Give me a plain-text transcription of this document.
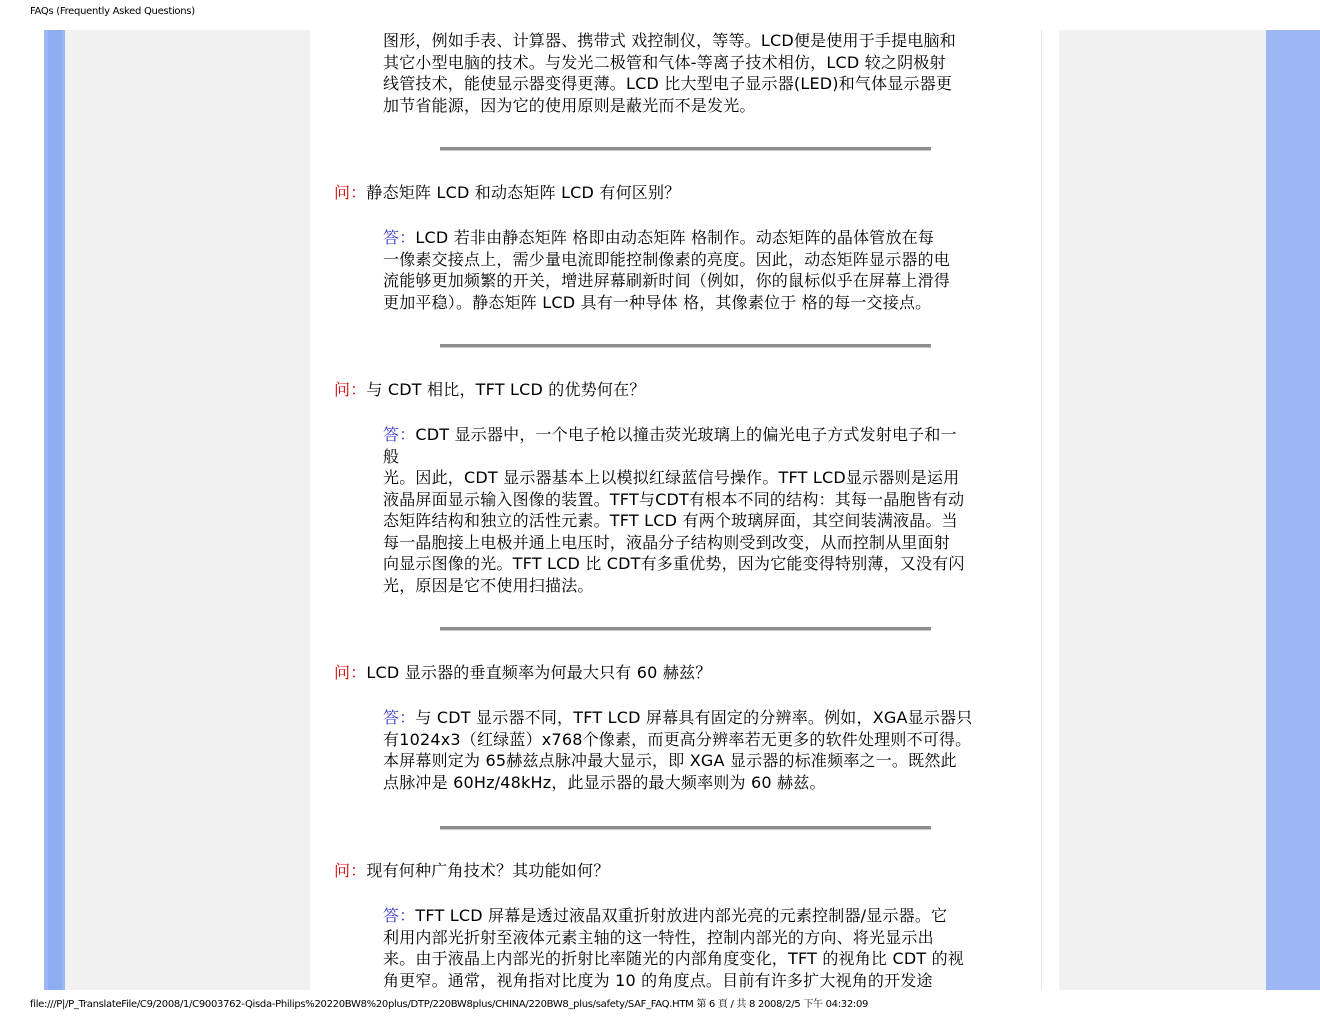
FAQs (Frequently Asked Questions)
图形，例如手表、计算器、携带式 戏控制仪，等等。LCD便是使用于手提电脑和
其它小型电脑的技术。与发光二极管和气体-等离子技术相仿，LCD 较之阴极射
线管技术，能使显示器变得更薄。LCD 比大型电子显示器(LED)和气体显示器更
加节省能源，因为它的使用原则是蔽光而不是发光。
问：静态矩阵 LCD 和动态矩阵 LCD 有何区别？
答：LCD 若非由静态矩阵 格即由动态矩阵 格制作。动态矩阵的晶体管放在每
一像素交接点上，需少量电流即能控制像素的亮度。因此，动态矩阵显示器的电
流能够更加频繁的开关，增进屏幕刷新时间（例如，你的鼠标似乎在屏幕上滑得
更加平稳）。静态矩阵 LCD 具有一种导体 格，其像素位于 格的每一交接点。
问：与 CDT 相比，TFT LCD 的优势何在？
答：CDT 显示器中，一个电子枪以撞击荧光玻璃上的偏光电子方式发射电子和一
般
光。因此，CDT 显示器基本上以模拟红绿蓝信号操作。TFT LCD显示器则是运用
液晶屏面显示输入图像的装置。TFT与CDT有根本不同的结构：其每一晶胞皆有动
态矩阵结构和独立的活性元素。TFT LCD 有两个玻璃屏面，其空间装满液晶。当
每一晶胞接上电极并通上电压时，液晶分子结构则受到改变，从而控制从里面射
向显示图像的光。TFT LCD 比 CDT有多重优势，因为它能变得特别薄，又没有闪
光，原因是它不使用扫描法。
问：LCD 显示器的垂直频率为何最大只有 60 赫兹？
答：与 CDT 显示器不同，TFT LCD 屏幕具有固定的分辨率。例如，XGA显示器只
有1024x3（红绿蓝）x768个像素，而更高分辨率若无更多的软件处理则不可得。
本屏幕则定为 65赫兹点脉冲最大显示，即 XGA 显示器的标准频率之一。既然此
点脉冲是 60Hz/48kHz，此显示器的最大频率则为 60 赫兹。
问：现有何种广角技术？其功能如何？
答：TFT LCD 屏幕是透过液晶双重折射放进内部光亮的元素控制器/显示器。它
利用内部光折射至液体元素主轴的这一特性，控制内部光的方向、将光显示出
来。由于液晶上内部光的折射比率随光的内部角度变化，TFT 的视角比 CDT 的视
角更窄。通常，视角指对比度为 10 的角度点。目前有许多扩大视角的开发途
file:///P|/P_TranslateFile/C9/2008/1/C9003762-Qisda-Philips%20220BW8%20plus/DTP/220BW8plus/CHINA/220BW8_plus/safety/SAF_FAQ.HTM 第 6 頁 / 共 8 2008/2/5 下午 04:32:09
